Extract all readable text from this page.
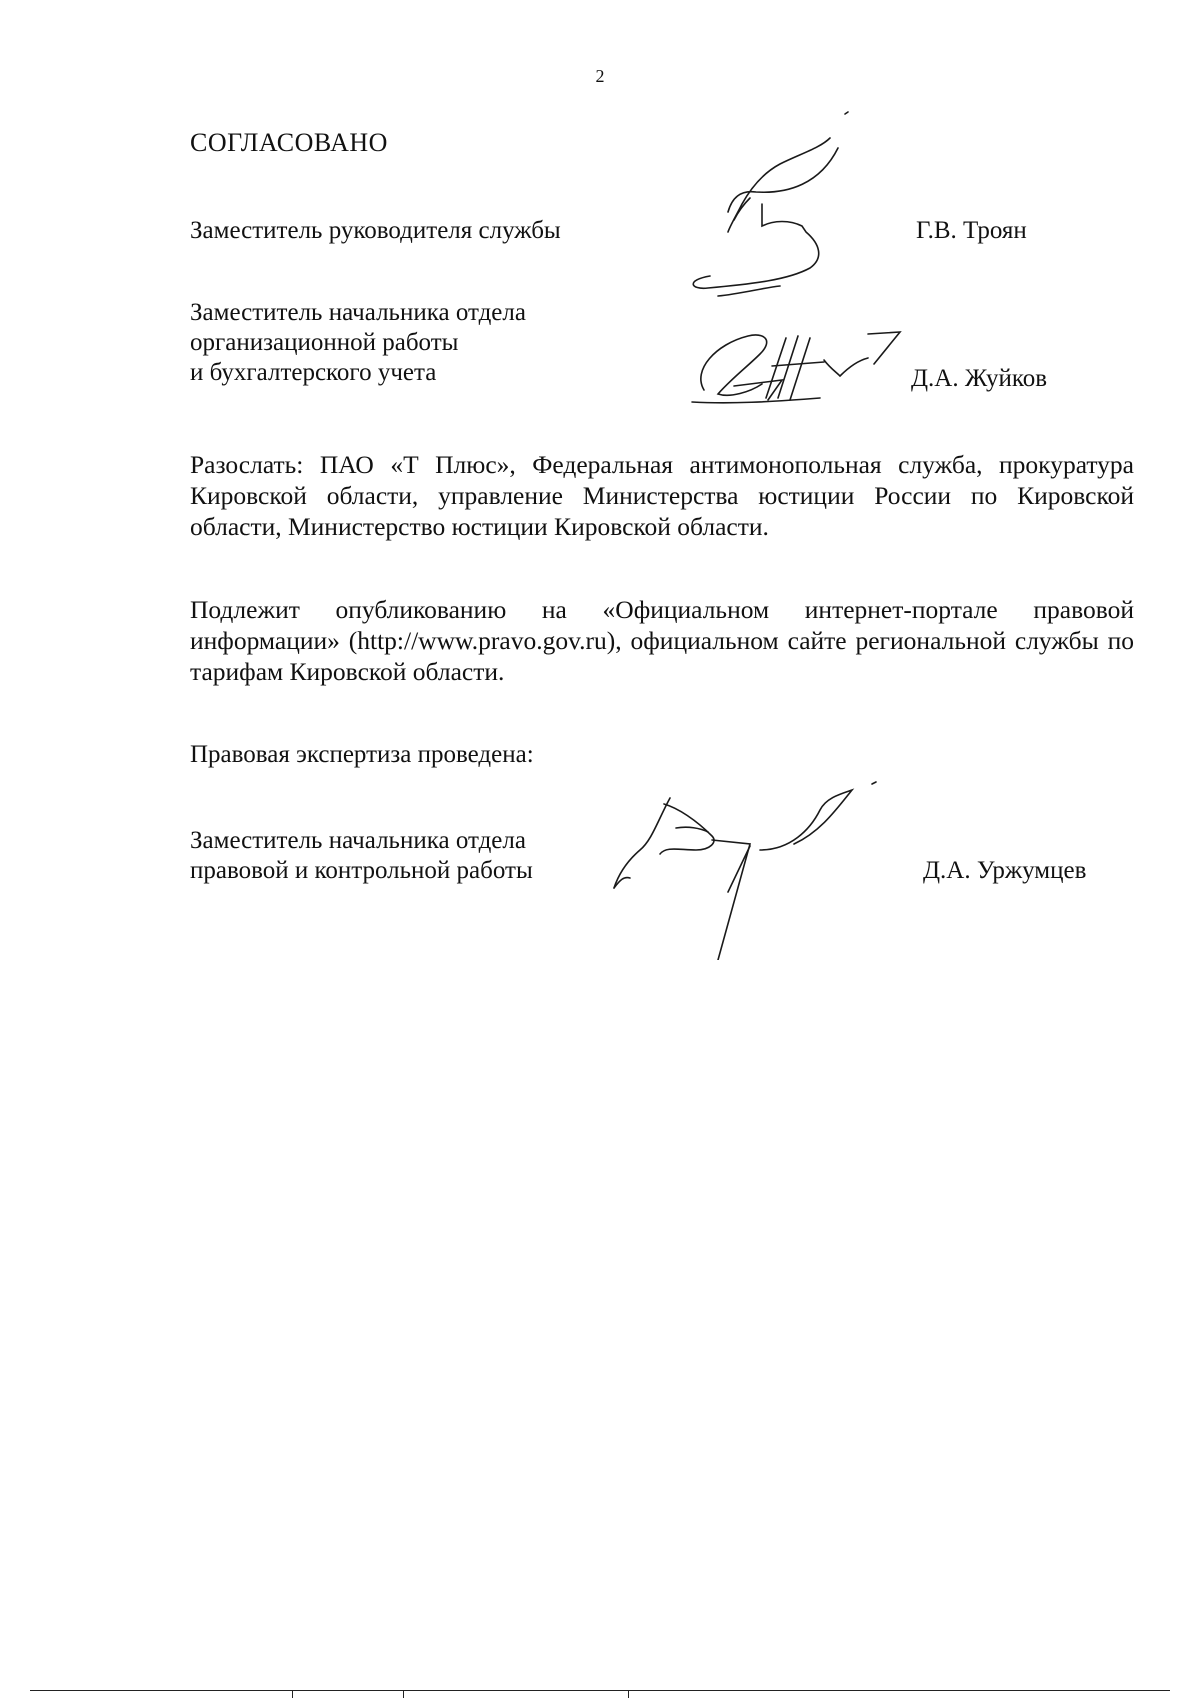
2
СОГЛАСОВАНО
Заместитель руководителя службы	Г.В. Троян
Заместитель начальника отдела
организационной работы
и бухгалтерского учета	Д.А. Жуйков
Разослать: ПАО «Т Плюс», Федеральная антимонопольная служба, прокуратура Кировской области, управление Министерства юстиции России по Кировской области, Министерство юстиции Кировской области.
Подлежит опубликованию на «Официальном интернет-портале правовой информации» (http://www.pravo.gov.ru), официальном сайте региональной службы по тарифам Кировской области.
Правовая экспертиза проведена:
Заместитель начальника отдела
правовой и контрольной работы	Д.А. Уржумцев
